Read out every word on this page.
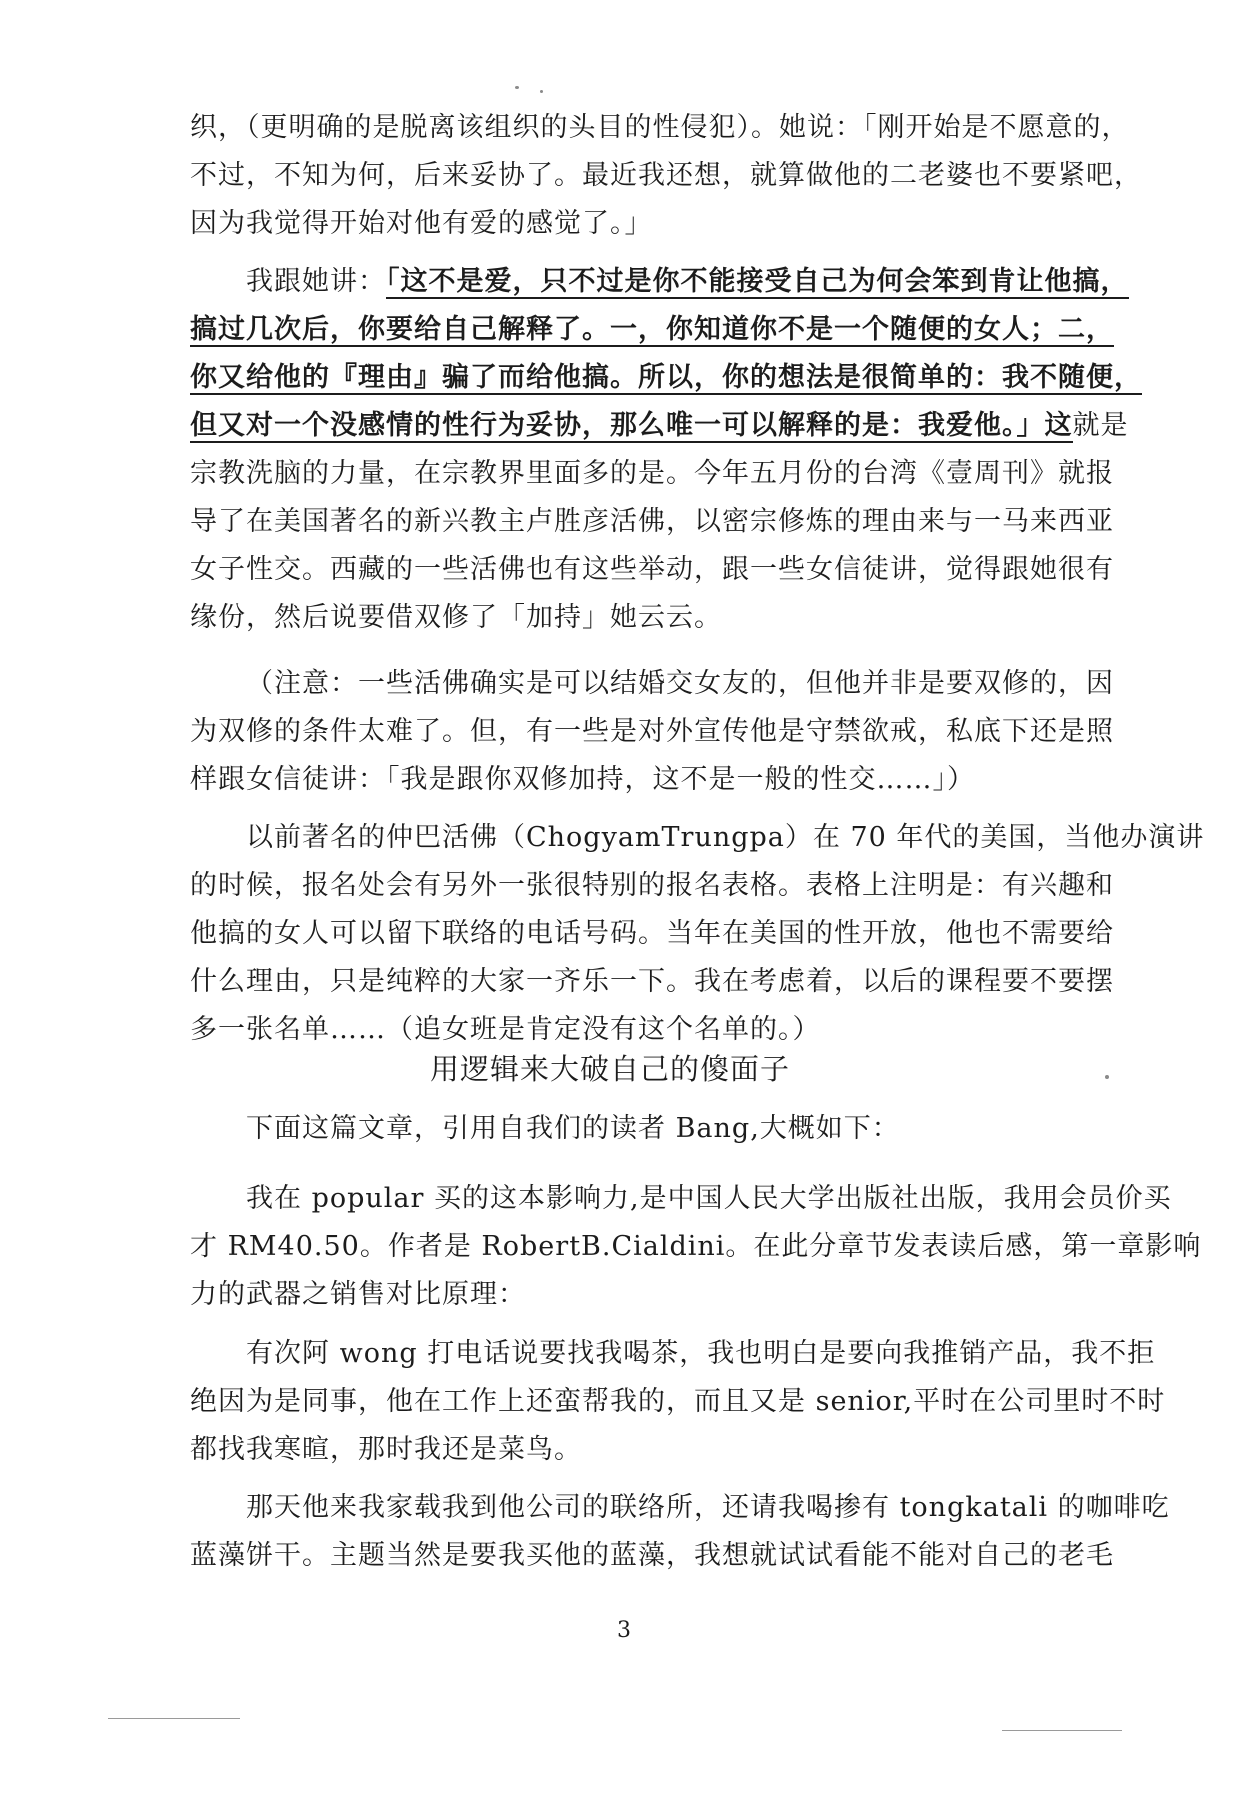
织，（更明确的是脱离该组织的头目的性侵犯）。她说：「刚开始是不愿意的，
不过，不知为何，后来妥协了。最近我还想，就算做他的二老婆也不要紧吧，
因为我觉得开始对他有爱的感觉了。」
我跟她讲：「这不是爱，只不过是你不能接受自己为何会笨到肯让他搞，
搞过几次后，你要给自己解释了。一，你知道你不是一个随便的女人；二，
你又给他的『理由』骗了而给他搞。所以，你的想法是很简单的：我不随便，
但又对一个没感情的性行为妥协，那么唯一可以解释的是：我爱他。」这就是
宗教洗脑的力量，在宗教界里面多的是。今年五月份的台湾《壹周刊》就报
导了在美国著名的新兴教主卢胜彦活佛，以密宗修炼的理由来与一马来西亚
女子性交。西藏的一些活佛也有这些举动，跟一些女信徒讲，觉得跟她很有
缘份，然后说要借双修了「加持」她云云。
（注意：一些活佛确实是可以结婚交女友的，但他并非是要双修的，因
为双修的条件太难了。但，有一些是对外宣传他是守禁欲戒，私底下还是照
样跟女信徒讲：「我是跟你双修加持，这不是一般的性交……」）
以前著名的仲巴活佛（ChogyamTrungpa）在 70 年代的美国，当他办演讲
的时候，报名处会有另外一张很特别的报名表格。表格上注明是：有兴趣和
他搞的女人可以留下联络的电话号码。当年在美国的性开放，他也不需要给
什么理由，只是纯粹的大家一齐乐一下。我在考虑着，以后的课程要不要摆
多一张名单……（追女班是肯定没有这个名单的。）
用逻辑来大破自己的傻面子
下面这篇文章，引用自我们的读者 Bang,大概如下：
我在 popular 买的这本影响力,是中国人民大学出版社出版，我用会员价买
才 RM40.50。作者是 RobertB.Cialdini。在此分章节发表读后感，第一章影响
力的武器之销售对比原理：
有次阿 wong 打电话说要找我喝茶，我也明白是要向我推销产品，我不拒
绝因为是同事，他在工作上还蛮帮我的，而且又是 senior,平时在公司里时不时
都找我寒暄，那时我还是菜鸟。
那天他来我家载我到他公司的联络所，还请我喝掺有 tongkatali 的咖啡吃
蓝藻饼干。主题当然是要我买他的蓝藻，我想就试试看能不能对自己的老毛
3
